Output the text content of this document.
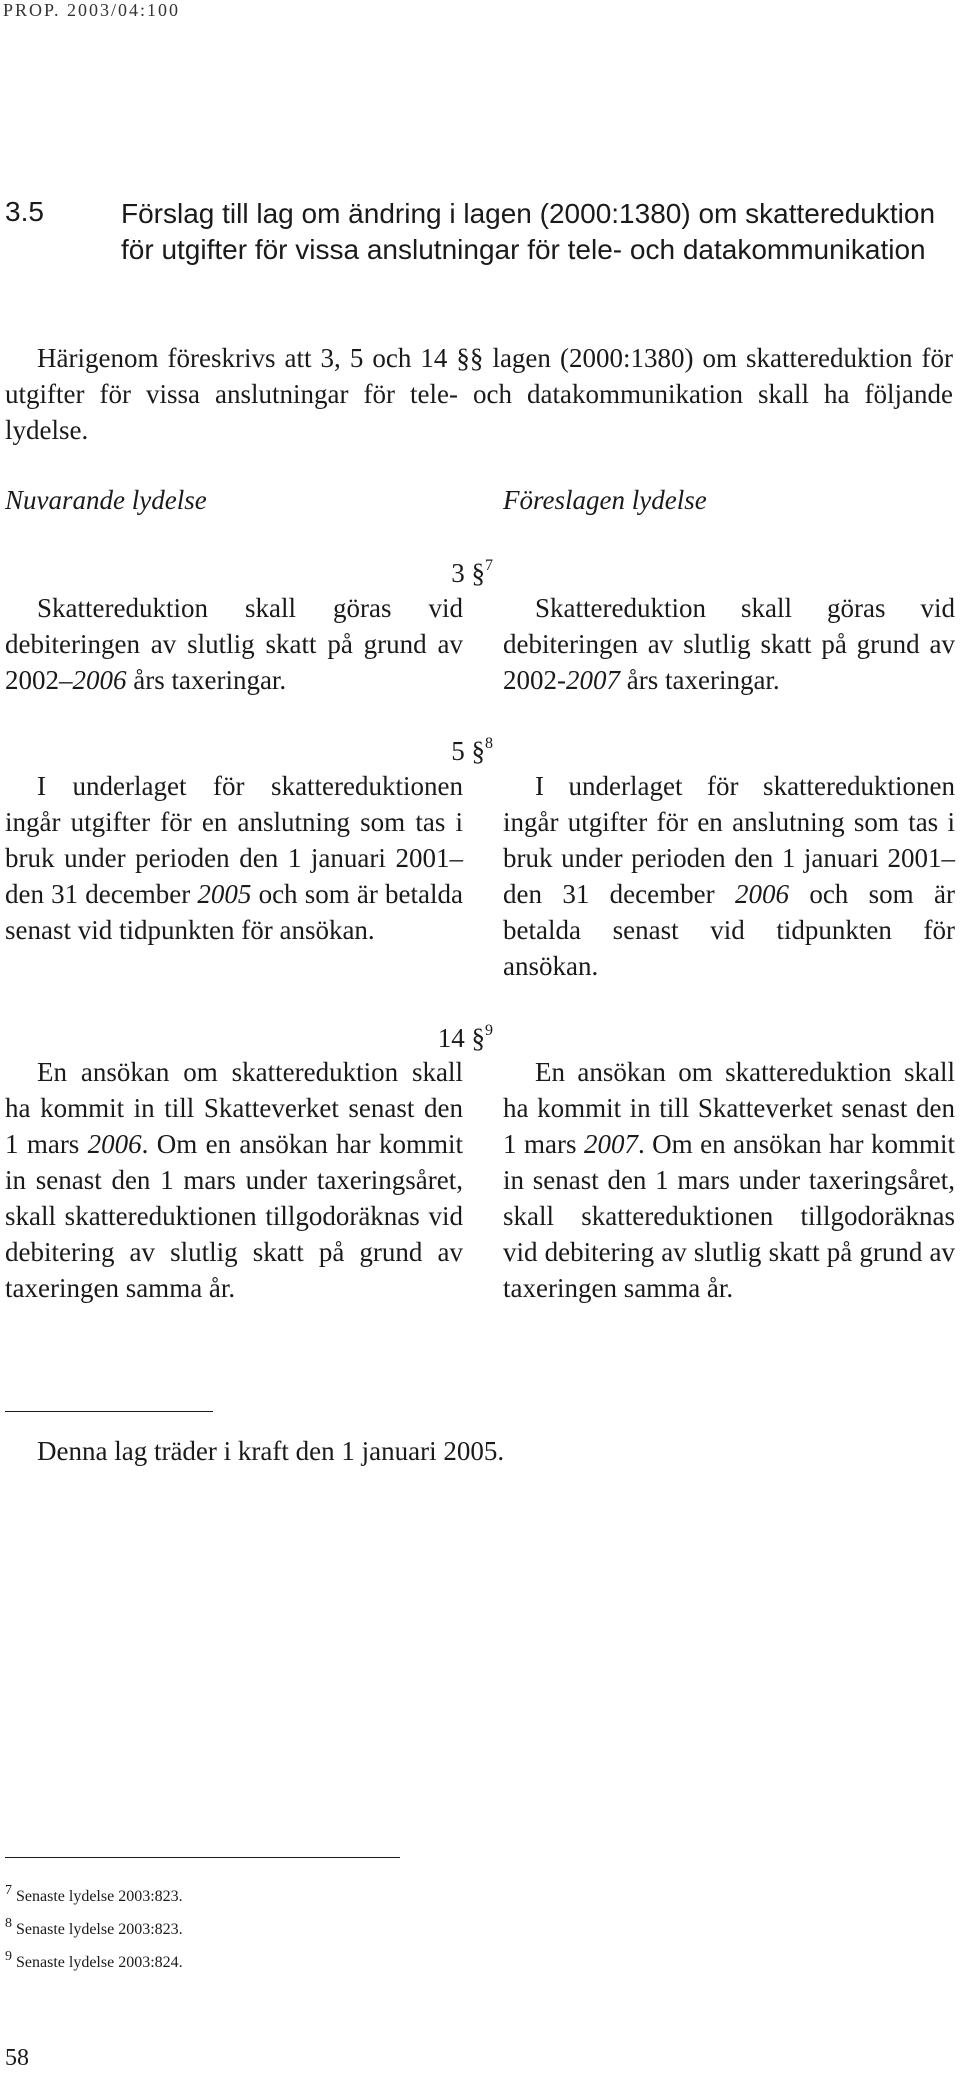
PROP. 2003/04:100
3.5	Förslag till lag om ändring i lagen (2000:1380) om skattereduktion för utgifter för vissa anslutningar för tele- och datakommunikation
Härigenom föreskrivs att 3, 5 och 14 §§ lagen (2000:1380) om skattereduktion för utgifter för vissa anslutningar för tele- och datakommunikation skall ha följande lydelse.
Nuvarande lydelse	Föreslagen lydelse
3 §$^7$
Skattereduktion skall göras vid debiteringen av slutlig skatt på grund av 2002–2006 års taxeringar.
Skattereduktion skall göras vid debiteringen av slutlig skatt på grund av 2002-2007 års taxeringar.
5 §$^8$
I underlaget för skattereduktionen ingår utgifter för en anslutning som tas i bruk under perioden den 1 januari 2001–den 31 december 2005 och som är betalda senast vid tidpunkten för ansökan.
I underlaget för skattereduktionen ingår utgifter för en anslutning som tas i bruk under perioden den 1 januari 2001–den 31 december 2006 och som är betalda senast vid tidpunkten för ansökan.
14 §$^9$
En ansökan om skattereduktion skall ha kommit in till Skatteverket senast den 1 mars 2006. Om en ansökan har kommit in senast den 1 mars under taxeringsåret, skall skattereduktionen tillgodoräknas vid debitering av slutlig skatt på grund av taxeringen samma år.
En ansökan om skattereduktion skall ha kommit in till Skatteverket senast den 1 mars 2007. Om en ansökan har kommit in senast den 1 mars under taxeringsåret, skall skattereduktionen tillgodoräknas vid debitering av slutlig skatt på grund av taxeringen samma år.
Denna lag träder i kraft den 1 januari 2005.
$^7$ Senaste lydelse 2003:823.
$^8$ Senaste lydelse 2003:823.
$^9$ Senaste lydelse 2003:824.
58
